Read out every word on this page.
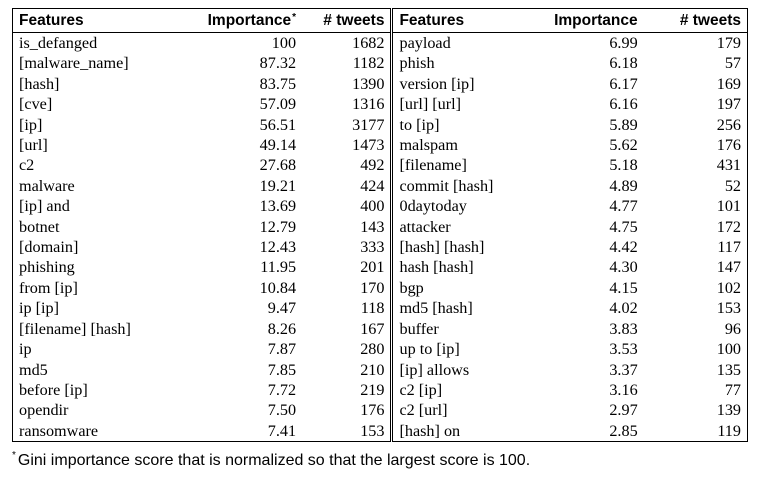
Features	Importance*	# tweets	Features	Importance	# tweets
is_defanged	100	1682	payload	6.99	179
[malware_name]	87.32	1182	phish	6.18	57
[hash]	83.75	1390	version [ip]	6.17	169
[cve]	57.09	1316	[url] [url]	6.16	197
[ip]	56.51	3177	to [ip]	5.89	256
[url]	49.14	1473	malspam	5.62	176
c2	27.68	492	[filename]	5.18	431
malware	19.21	424	commit [hash]	4.89	52
[ip] and	13.69	400	0daytoday	4.77	101
botnet	12.79	143	attacker	4.75	172
[domain]	12.43	333	[hash] [hash]	4.42	117
phishing	11.95	201	hash [hash]	4.30	147
from [ip]	10.84	170	bgp	4.15	102
ip [ip]	9.47	118	md5 [hash]	4.02	153
[filename] [hash]	8.26	167	buffer	3.83	96
ip	7.87	280	up to [ip]	3.53	100
md5	7.85	210	[ip] allows	3.37	135
before [ip]	7.72	219	c2 [ip]	3.16	77
opendir	7.50	176	c2 [url]	2.97	139
ransomware	7.41	153	[hash] on	2.85	119
* Gini importance score that is normalized so that the largest score is 100.
